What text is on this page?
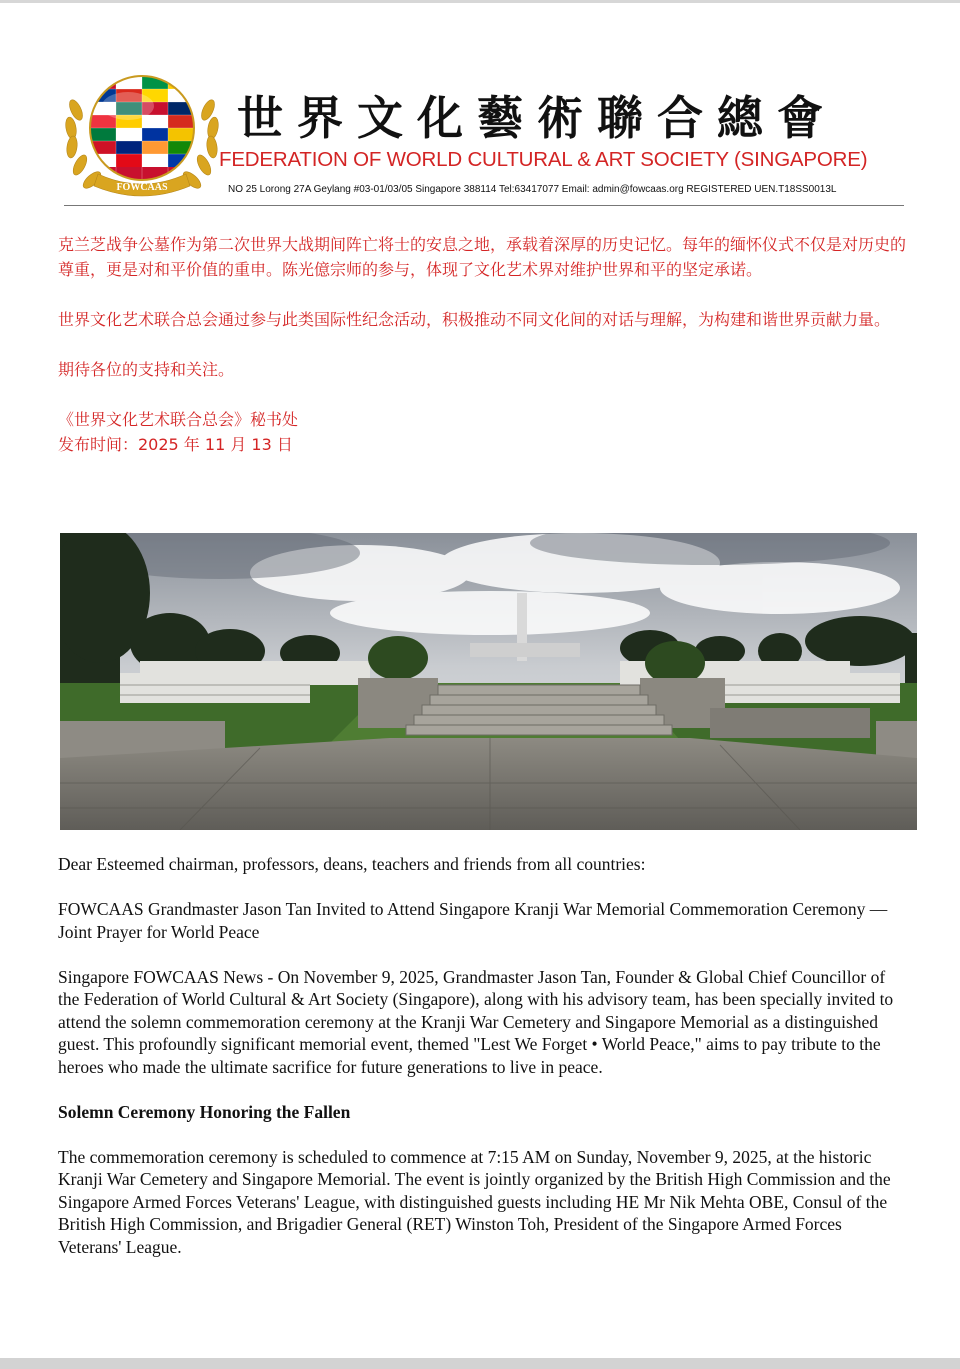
FOWCAAS
世界文化藝術聯合總會
FEDERATION OF WORLD CULTURAL & ART SOCIETY (SINGAPORE)
NO 25 Lorong 27A Geylang #03-01/03/05 Singapore 388114 Tel:63417077 Email: admin@fowcaas.org REGISTERED UEN.T18SS0013L

克兰芝战争公墓作为第二次世界大战期间阵亡将士的安息之地，承载着深厚的历史记忆。每年的缅怀仪式不仅是对历史的尊重，更是对和平价值的重申。陈光億宗师的参与，体现了文化艺术界对维护世界和平的坚定承诺。

世界文化艺术联合总会通过参与此类国际性纪念活动，积极推动不同文化间的对话与理解，为构建和谐世界贡献力量。

期待各位的支持和关注。

《世界文化艺术联合总会》秘书处

发布时间：2025 年 11 月 13 日

Dear Esteemed chairman, professors, deans, teachers and friends from all countries:

FOWCAAS Grandmaster Jason Tan Invited to Attend Singapore Kranji War Memorial Commemoration Ceremony — Joint Prayer for World Peace

Singapore FOWCAAS News - On November 9, 2025, Grandmaster Jason Tan, Founder & Global Chief Councillor of the Federation of World Cultural & Art Society (Singapore), along with his advisory team, has been specially invited to attend the solemn commemoration ceremony at the Kranji War Cemetery and Singapore Memorial as a distinguished guest. This profoundly significant memorial event, themed "Lest We Forget • World Peace," aims to pay tribute to the heroes who made the ultimate sacrifice for future generations to live in peace.

Solemn Ceremony Honoring the Fallen

The commemoration ceremony is scheduled to commence at 7:15 AM on Sunday, November 9, 2025, at the historic Kranji War Cemetery and Singapore Memorial. The event is jointly organized by the British High Commission and the Singapore Armed Forces Veterans' League, with distinguished guests including HE Mr Nik Mehta OBE, Consul of the British High Commission, and Brigadier General (RET) Winston Toh, President of the Singapore Armed Forces Veterans' League.
